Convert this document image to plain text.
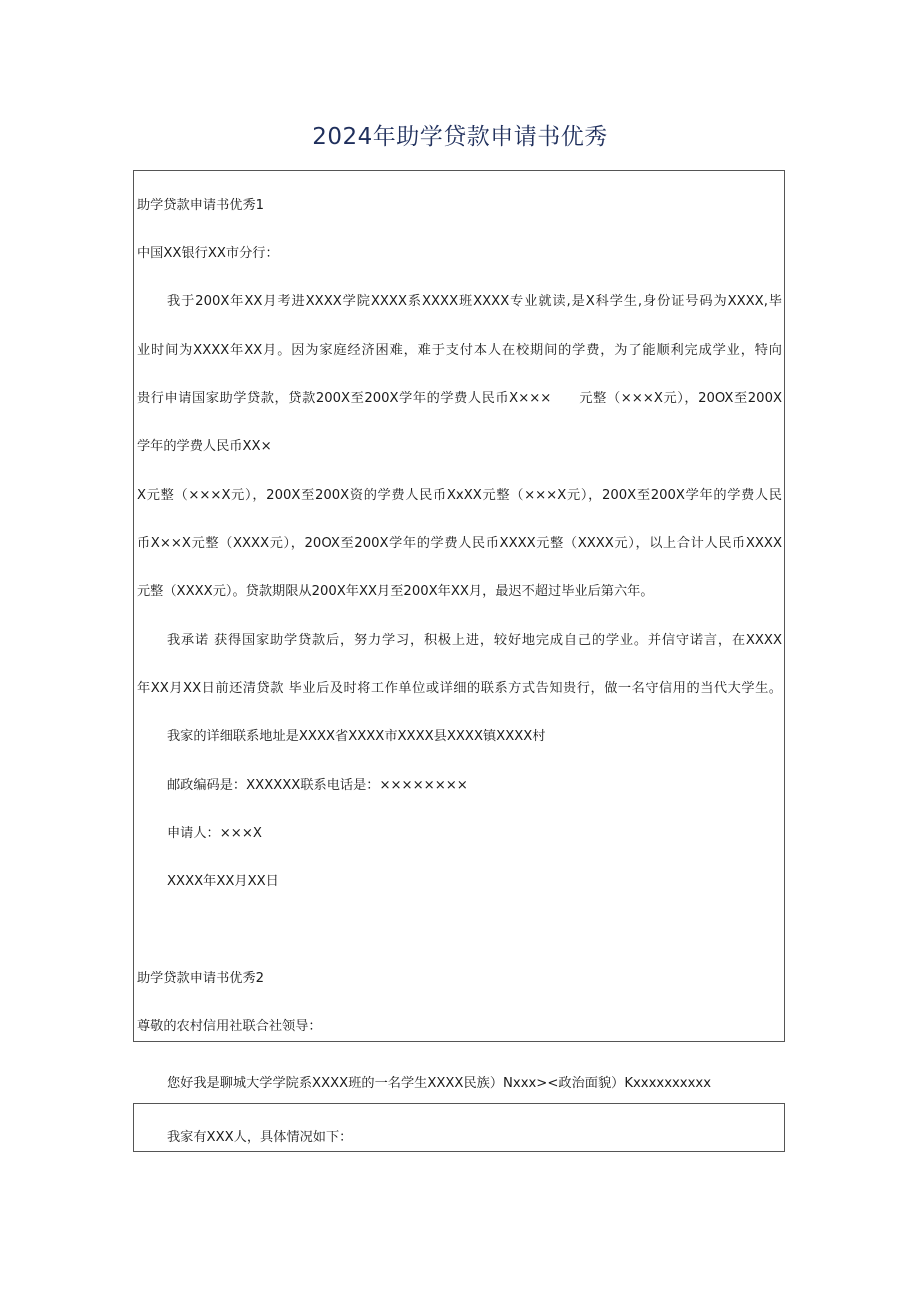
2024年助学贷款申请书优秀
助学贷款申请书优秀1
中国XX银行XX市分行：
我于200X年XX月考进XXXX学院XXXX系XXXX班XXXX专业就读,是X科学生,身份证号码为XXXX,毕
业时间为XXXX年XX月。因为家庭经济困难，难于支付本人在校期间的学费，为了能顺利完成学业，特向
贵行申请国家助学贷款，贷款200X至200X学年的学费人民币X×××　　元整（×××X元），20OX至200X
学年的学费人民币XX×
X元整（×××X元），200X至200X资的学费人民币XxXX元整（×××X元），200X至200X学年的学费人民
币X××X元整（XXXX元），20OX至200X学年的学费人民币XXXX元整（XXXX元），以上合计人民币XXXX
元整（XXXX元）。贷款期限从200X年XX月至200X年XX月，最迟不超过毕业后第六年。
我承诺 获得国家助学贷款后，努力学习，积极上进，较好地完成自己的学业。并信守诺言，在XXXX
年XX月XX日前还清贷款 毕业后及时将工作单位或详细的联系方式告知贵行，做一名守信用的当代大学生。
我家的详细联系地址是XXXX省XXXX市XXXX县XXXX镇XXXX村
邮政编码是：XXXXXX联系电话是：××××××××
申请人：×××X
XXXX年XX月XX日
助学贷款申请书优秀2
尊敬的农村信用社联合社领导：
您好我是聊城大学学院系XXXX班的一名学生XXXX民族）Nxxx><政治面貌）Kxxxxxxxxxx
我家有XXX人，具体情况如下：
